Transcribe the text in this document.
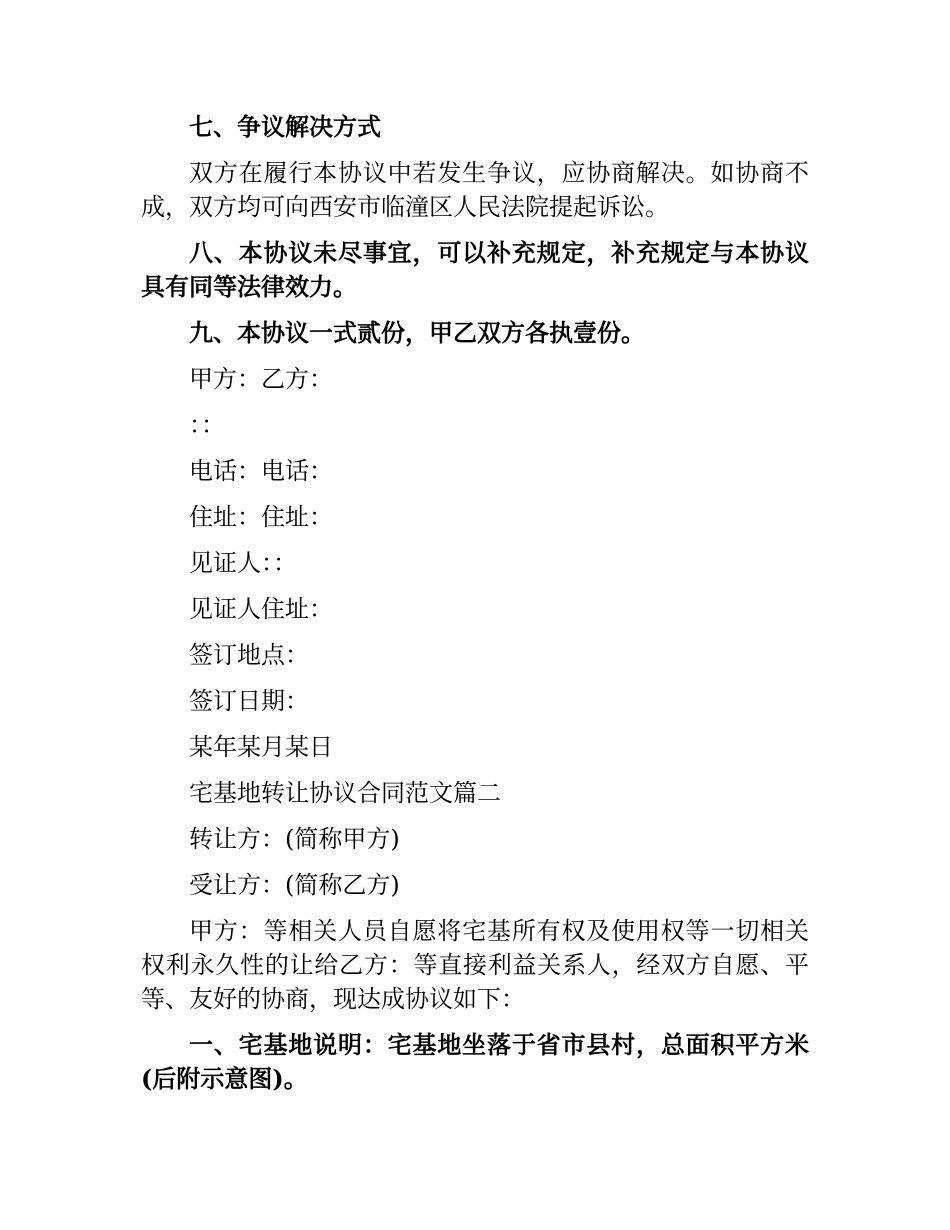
七、争议解决方式

双方在履行本协议中若发生争议，应协商解决。如协商不成，双方均可向西安市临潼区人民法院提起诉讼。

八、本协议未尽事宜，可以补充规定，补充规定与本协议具有同等法律效力。

九、本协议一式贰份，甲乙双方各执壹份。

甲方：乙方：

：：

电话：电话：

住址：住址：

见证人：：

见证人住址：

签订地点：

签订日期：

某年某月某日

宅基地转让协议合同范文篇二

转让方：(简称甲方)

受让方：(简称乙方)

甲方：等相关人员自愿将宅基所有权及使用权等一切相关权利永久性的让给乙方：等直接利益关系人，经双方自愿、平等、友好的协商，现达成协议如下：

一、宅基地说明：宅基地坐落于省市县村，总面积平方米(后附示意图)。
